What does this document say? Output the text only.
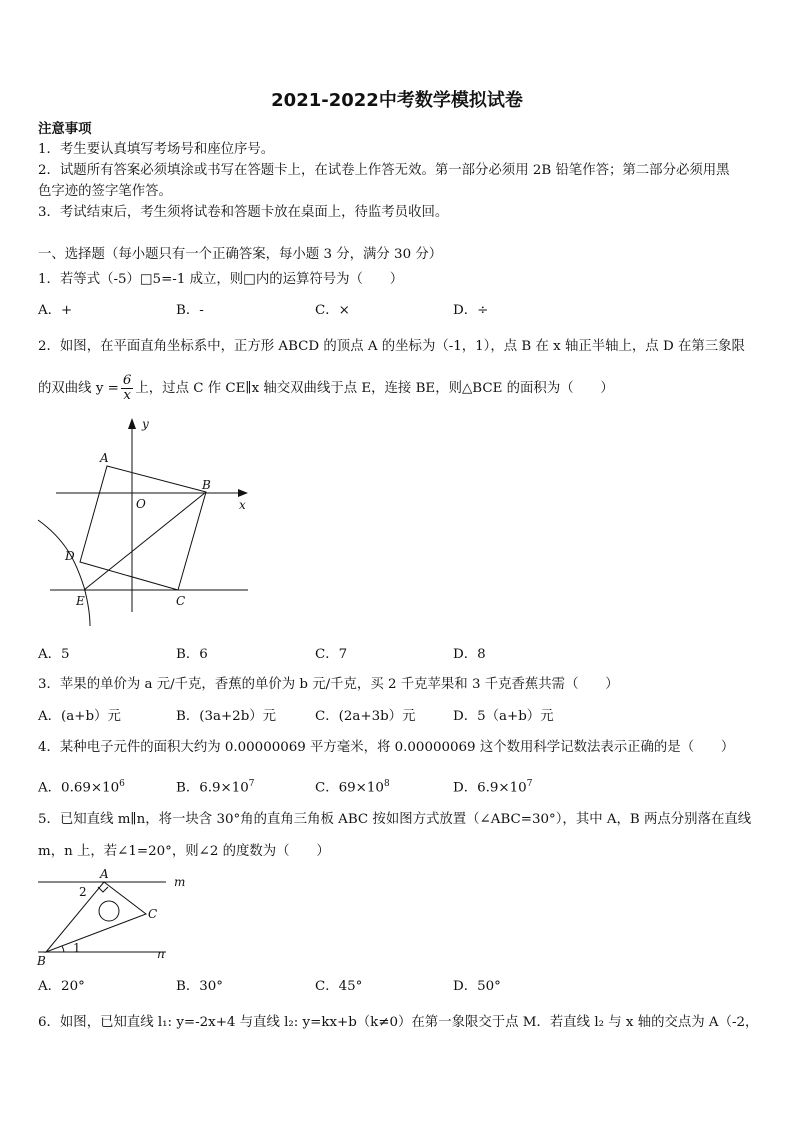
2021-2022中考数学模拟试卷
注意事项
1．考生要认真填写考场号和座位序号。
2．试题所有答案必须填涂或书写在答题卡上，在试卷上作答无效。第一部分必须用 2B 铅笔作答；第二部分必须用黑
色字迹的签字笔作答。
3．考试结束后，考生须将试卷和答题卡放在桌面上，待监考员收回。
一、选择题（每小题只有一个正确答案，每小题 3 分，满分 30 分）
1．若等式（-5）□5=-1 成立，则□内的运算符号为（　　）
A．+	B．-	C．×	D．÷
2．如图，在平面直角坐标系中，正方形 ABCD 的顶点 A 的坐标为（-1，1），点 B 在 x 轴正半轴上，点 D 在第三象限
的双曲线 $y = \frac{6}{x}$ 上，过点 C 作 CE∥x 轴交双曲线于点 E，连接 BE，则△BCE 的面积为（　　）
y
x
A
B
O
D
E	C
A．5	B．6	C．7	D．8
3．苹果的单价为 a 元/千克，香蕉的单价为 b 元/千克，买 2 千克苹果和 3 千克香蕉共需（　　）
A．(a+b）元	B．(3a+2b）元	C．(2a+3b）元	D．5（a+b）元
4．某种电子元件的面积大约为 0.00000069 平方毫米，将 0.00000069 这个数用科学记数法表示正确的是（　　）
A．$0.69\times 10^6$	B．$6.9\times 10^7$	C．$69\times 10^8$	D．$6.9\times 10^7$
5．已知直线 m∥n，将一块含 30°角的直角三角板 ABC 按如图方式放置（∠ABC=30°），其中 A，B 两点分别落在直线
m，n 上，若∠1=20°，则∠2 的度数为（　　）
A
C
B
m
n
1
2
A．20°	B．30°	C．45°	D．50°
6．如图，已知直线 l₁: y=-2x+4 与直线 l₂: y=kx+b（k≠0）在第一象限交于点 M．若直线 l₂ 与 x 轴的交点为 A（-2，
